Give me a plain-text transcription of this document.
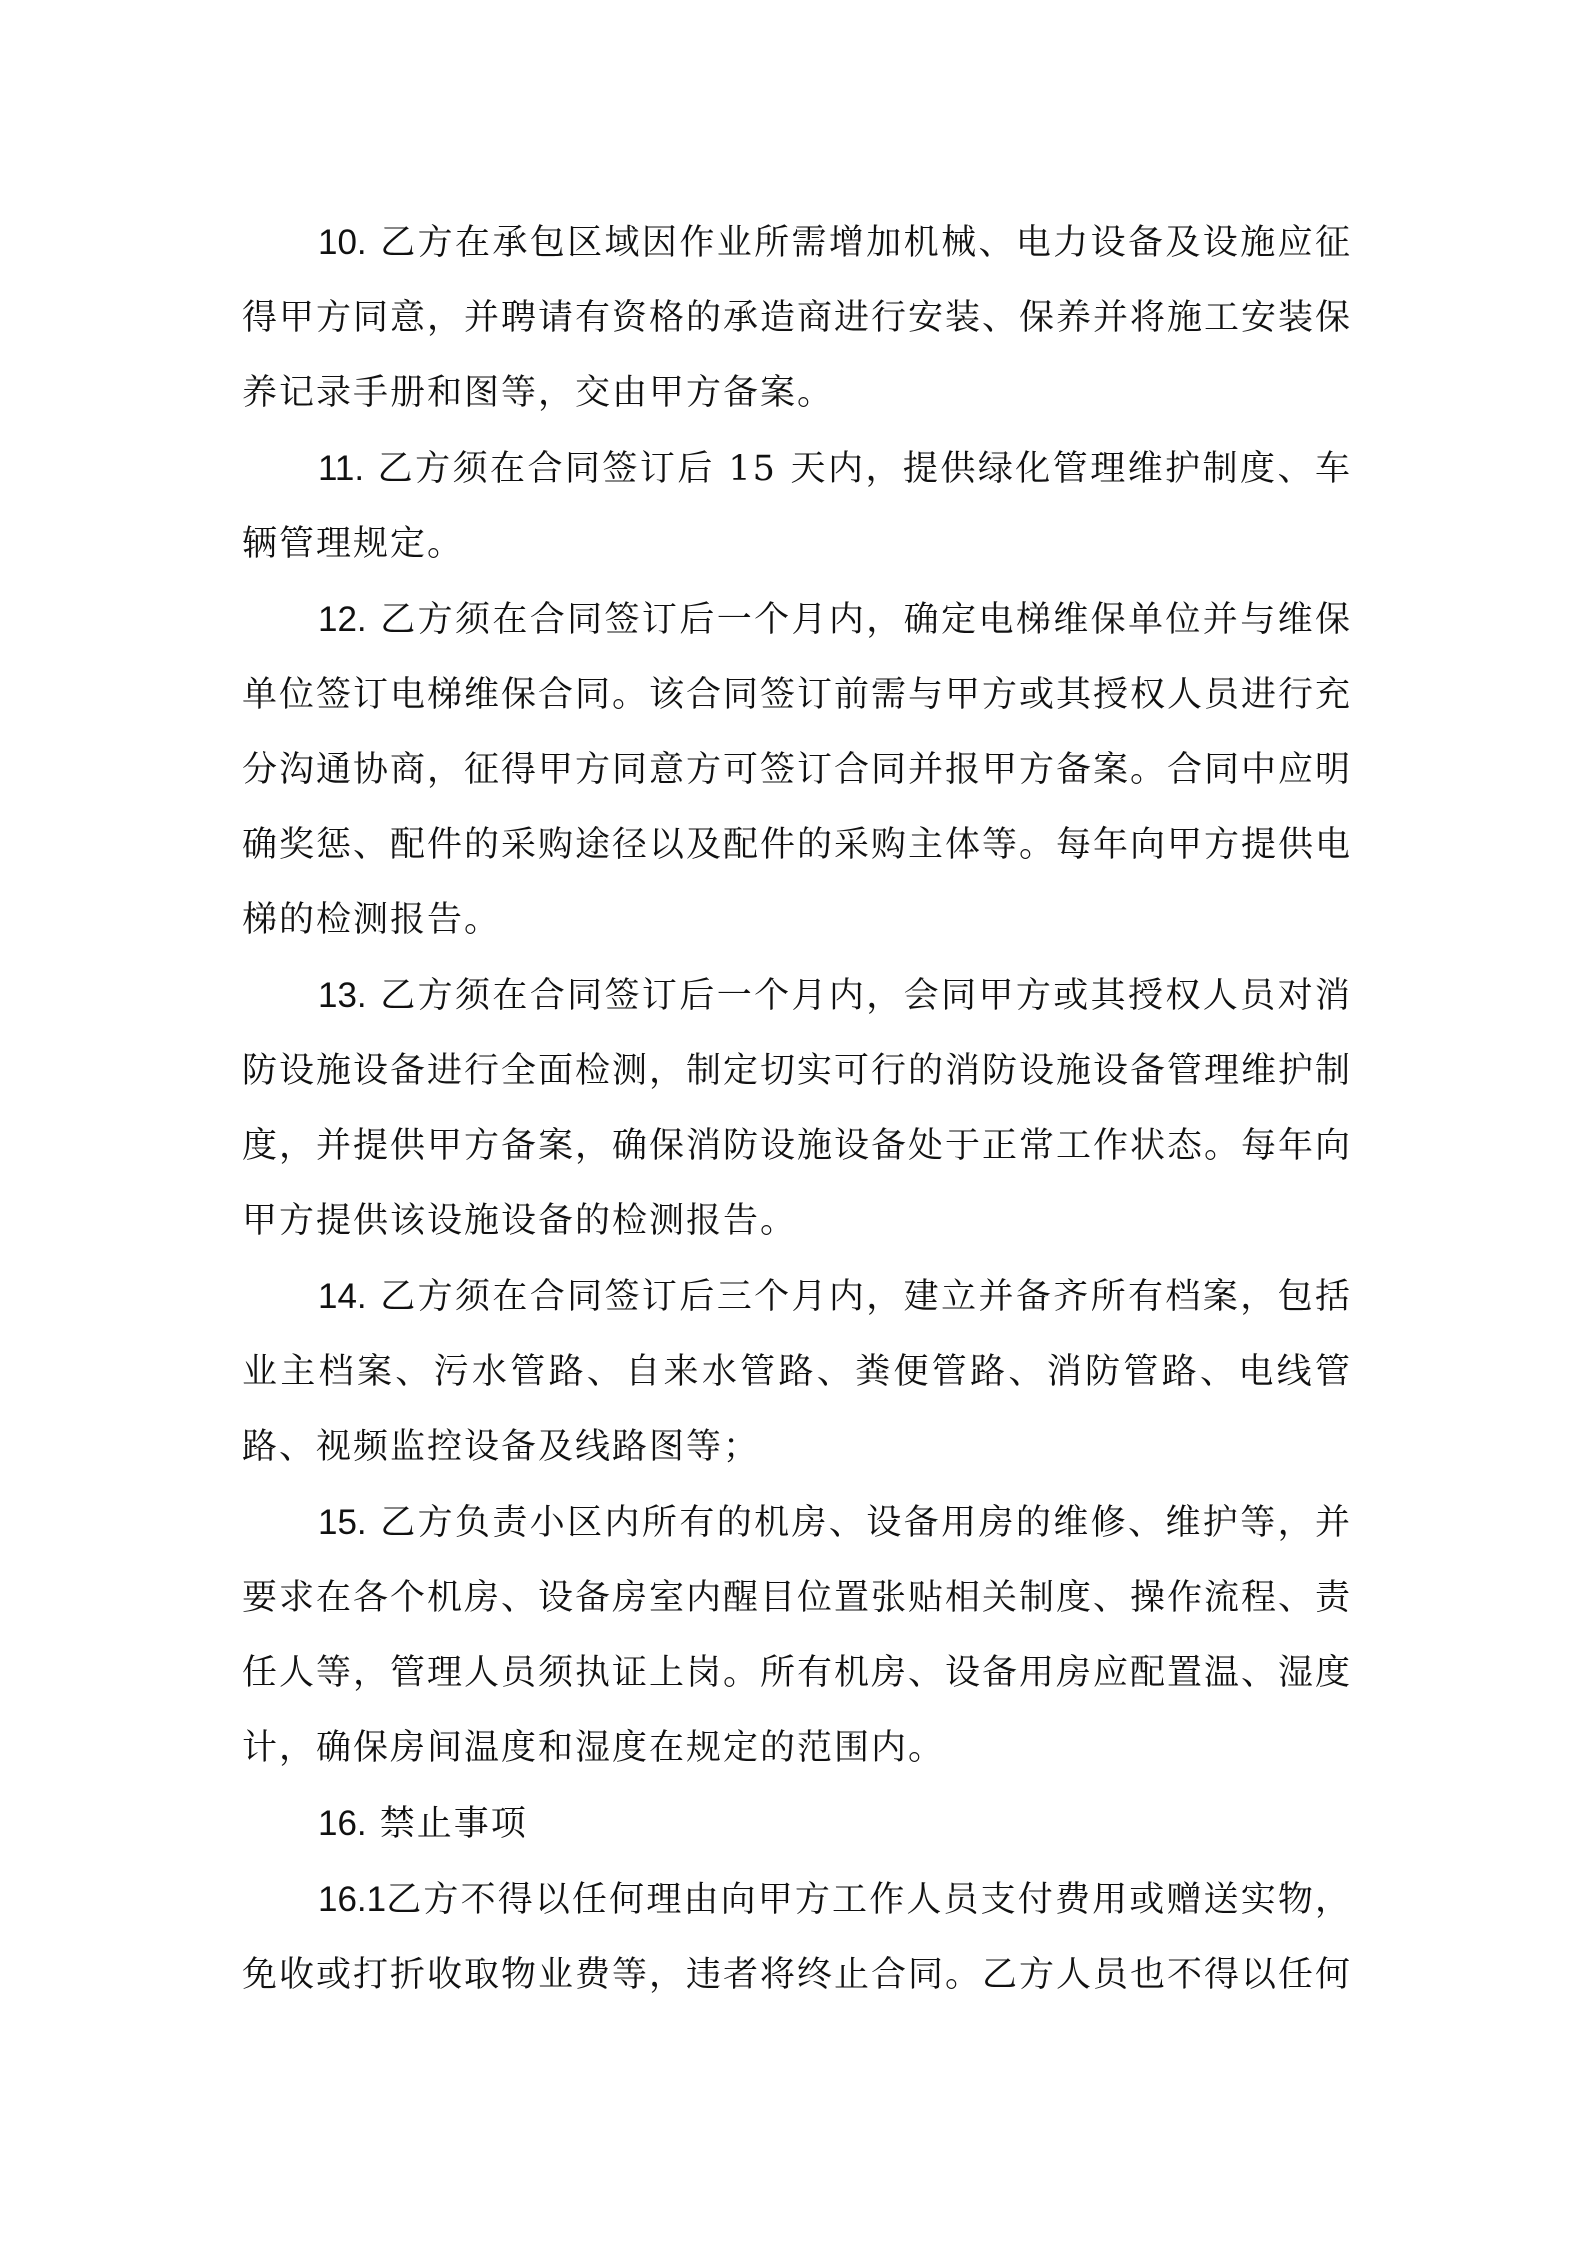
10. 乙方在承包区域因作业所需增加机械、电力设备及设施应征得甲方同意，并聘请有资格的承造商进行安装、保养并将施工安装保养记录手册和图等，交由甲方备案。

11. 乙方须在合同签订后 15 天内，提供绿化管理维护制度、车辆管理规定。

12. 乙方须在合同签订后一个月内，确定电梯维保单位并与维保单位签订电梯维保合同。该合同签订前需与甲方或其授权人员进行充分沟通协商，征得甲方同意方可签订合同并报甲方备案。合同中应明确奖惩、配件的采购途径以及配件的采购主体等。每年向甲方提供电梯的检测报告。

13. 乙方须在合同签订后一个月内，会同甲方或其授权人员对消防设施设备进行全面检测，制定切实可行的消防设施设备管理维护制度，并提供甲方备案，确保消防设施设备处于正常工作状态。每年向甲方提供该设施设备的检测报告。

14. 乙方须在合同签订后三个月内，建立并备齐所有档案，包括业主档案、污水管路、自来水管路、粪便管路、消防管路、电线管路、视频监控设备及线路图等；

15. 乙方负责小区内所有的机房、设备用房的维修、维护等，并要求在各个机房、设备房室内醒目位置张贴相关制度、操作流程、责任人等，管理人员须执证上岗。所有机房、设备用房应配置温、湿度计，确保房间温度和湿度在规定的范围内。

16. 禁止事项

16.1乙方不得以任何理由向甲方工作人员支付费用或赠送实物，免收或打折收取物业费等，违者将终止合同。乙方人员也不得以任何
